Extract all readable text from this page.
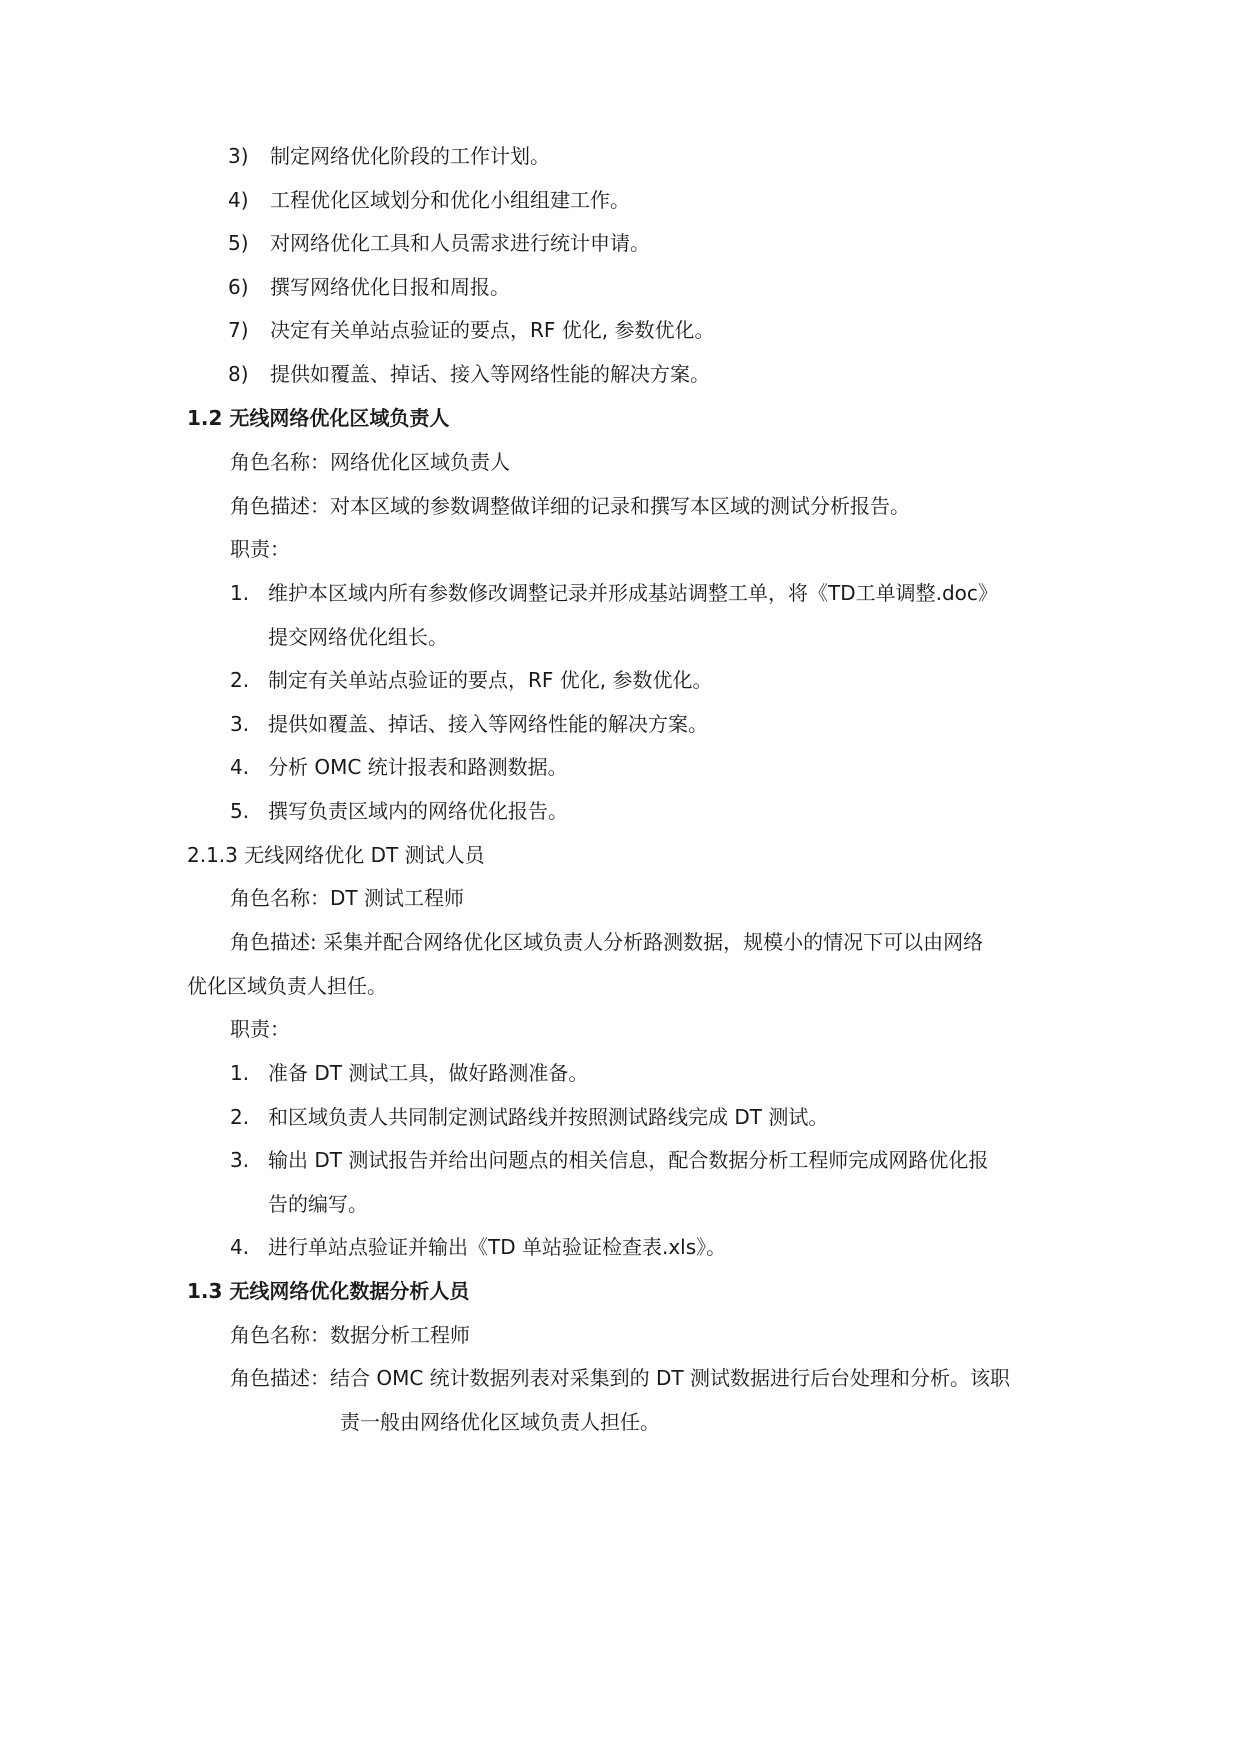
3) 制定网络优化阶段的工作计划。
4) 工程优化区域划分和优化小组组建工作。
5) 对网络优化工具和人员需求进行统计申请。
6) 撰写网络优化日报和周报。
7) 决定有关单站点验证的要点，RF 优化, 参数优化。
8) 提供如覆盖、掉话、接入等网络性能的解决方案。
1.2 无线网络优化区域负责人
角色名称：网络优化区域负责人
角色描述：对本区域的参数调整做详细的记录和撰写本区域的测试分析报告。
职责：
1. 维护本区域内所有参数修改调整记录并形成基站调整工单，将《TD工单调整.doc》
提交网络优化组长。
2. 制定有关单站点验证的要点，RF 优化, 参数优化。
3. 提供如覆盖、掉话、接入等网络性能的解决方案。
4. 分析 OMC 统计报表和路测数据。
5. 撰写负责区域内的网络优化报告。
2.1.3 无线网络优化 DT 测试人员
角色名称：DT 测试工程师
角色描述: 采集并配合网络优化区域负责人分析路测数据，规模小的情况下可以由网络
优化区域负责人担任。
职责：
1. 准备 DT 测试工具，做好路测准备。
2. 和区域负责人共同制定测试路线并按照测试路线完成 DT 测试。
3. 输出 DT 测试报告并给出问题点的相关信息，配合数据分析工程师完成网路优化报
告的编写。
4. 进行单站点验证并输出《TD 单站验证检查表.xls》。
1.3 无线网络优化数据分析人员
角色名称：数据分析工程师
角色描述：结合 OMC 统计数据列表对采集到的 DT 测试数据进行后台处理和分析。该职
责一般由网络优化区域负责人担任。
